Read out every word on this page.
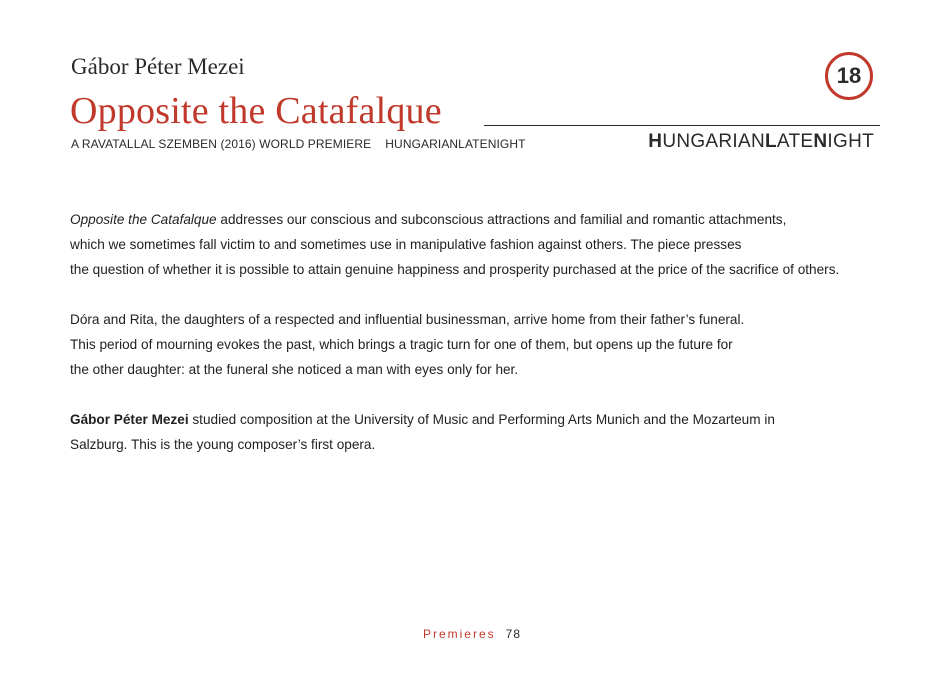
Gábor Péter Mezei
Opposite the Catafalque
18
A RAVATALLAL SZEMBEN (2016) WORLD PREMIERE HUNGARIANLATENIGHT	HUNGARIANLATENIGHT

Opposite the Catafalque addresses our conscious and subconscious attractions and familial and romantic attachments,
which we sometimes fall victim to and sometimes use in manipulative fashion against others. The piece presses
the question of whether it is possible to attain genuine happiness and prosperity purchased at the price of the sacrifice of others.

Dóra and Rita, the daughters of a respected and influential businessman, arrive home from their father’s funeral.
This period of mourning evokes the past, which brings a tragic turn for one of them, but opens up the future for
the other daughter: at the funeral she noticed a man with eyes only for her.

Gábor Péter Mezei studied composition at the University of Music and Performing Arts Munich and the Mozarteum in
Salzburg. This is the young composer’s first opera.

Premieres 78
